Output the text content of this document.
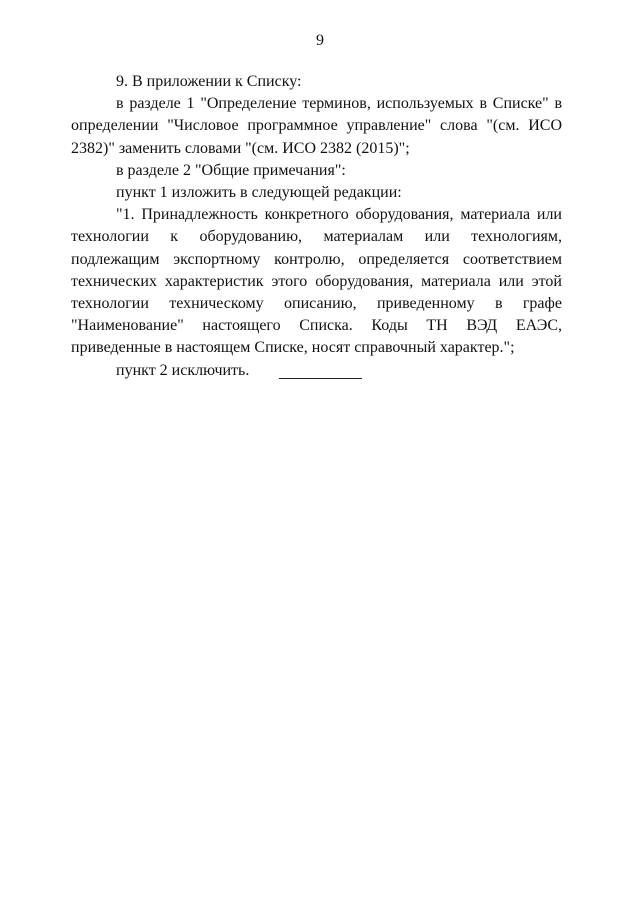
9

9. В приложении к Списку:

в разделе 1 "Определение терминов, используемых в Списке" в определении "Числовое программное управление" слова "(см. ИСО 2382)" заменить словами "(см. ИСО 2382 (2015)";

в разделе 2 "Общие примечания":

пункт 1 изложить в следующей редакции:

"1. Принадлежность конкретного оборудования, материала или технологии к оборудованию, материалам или технологиям, подлежащим экспортному контролю, определяется соответствием технических характеристик этого оборудования, материала или этой технологии техническому описанию, приведенному в графе "Наименование" настоящего Списка. Коды ТН ВЭД ЕАЭС, приведенные в настоящем Списке, носят справочный характер.";

пункт 2 исключить.
